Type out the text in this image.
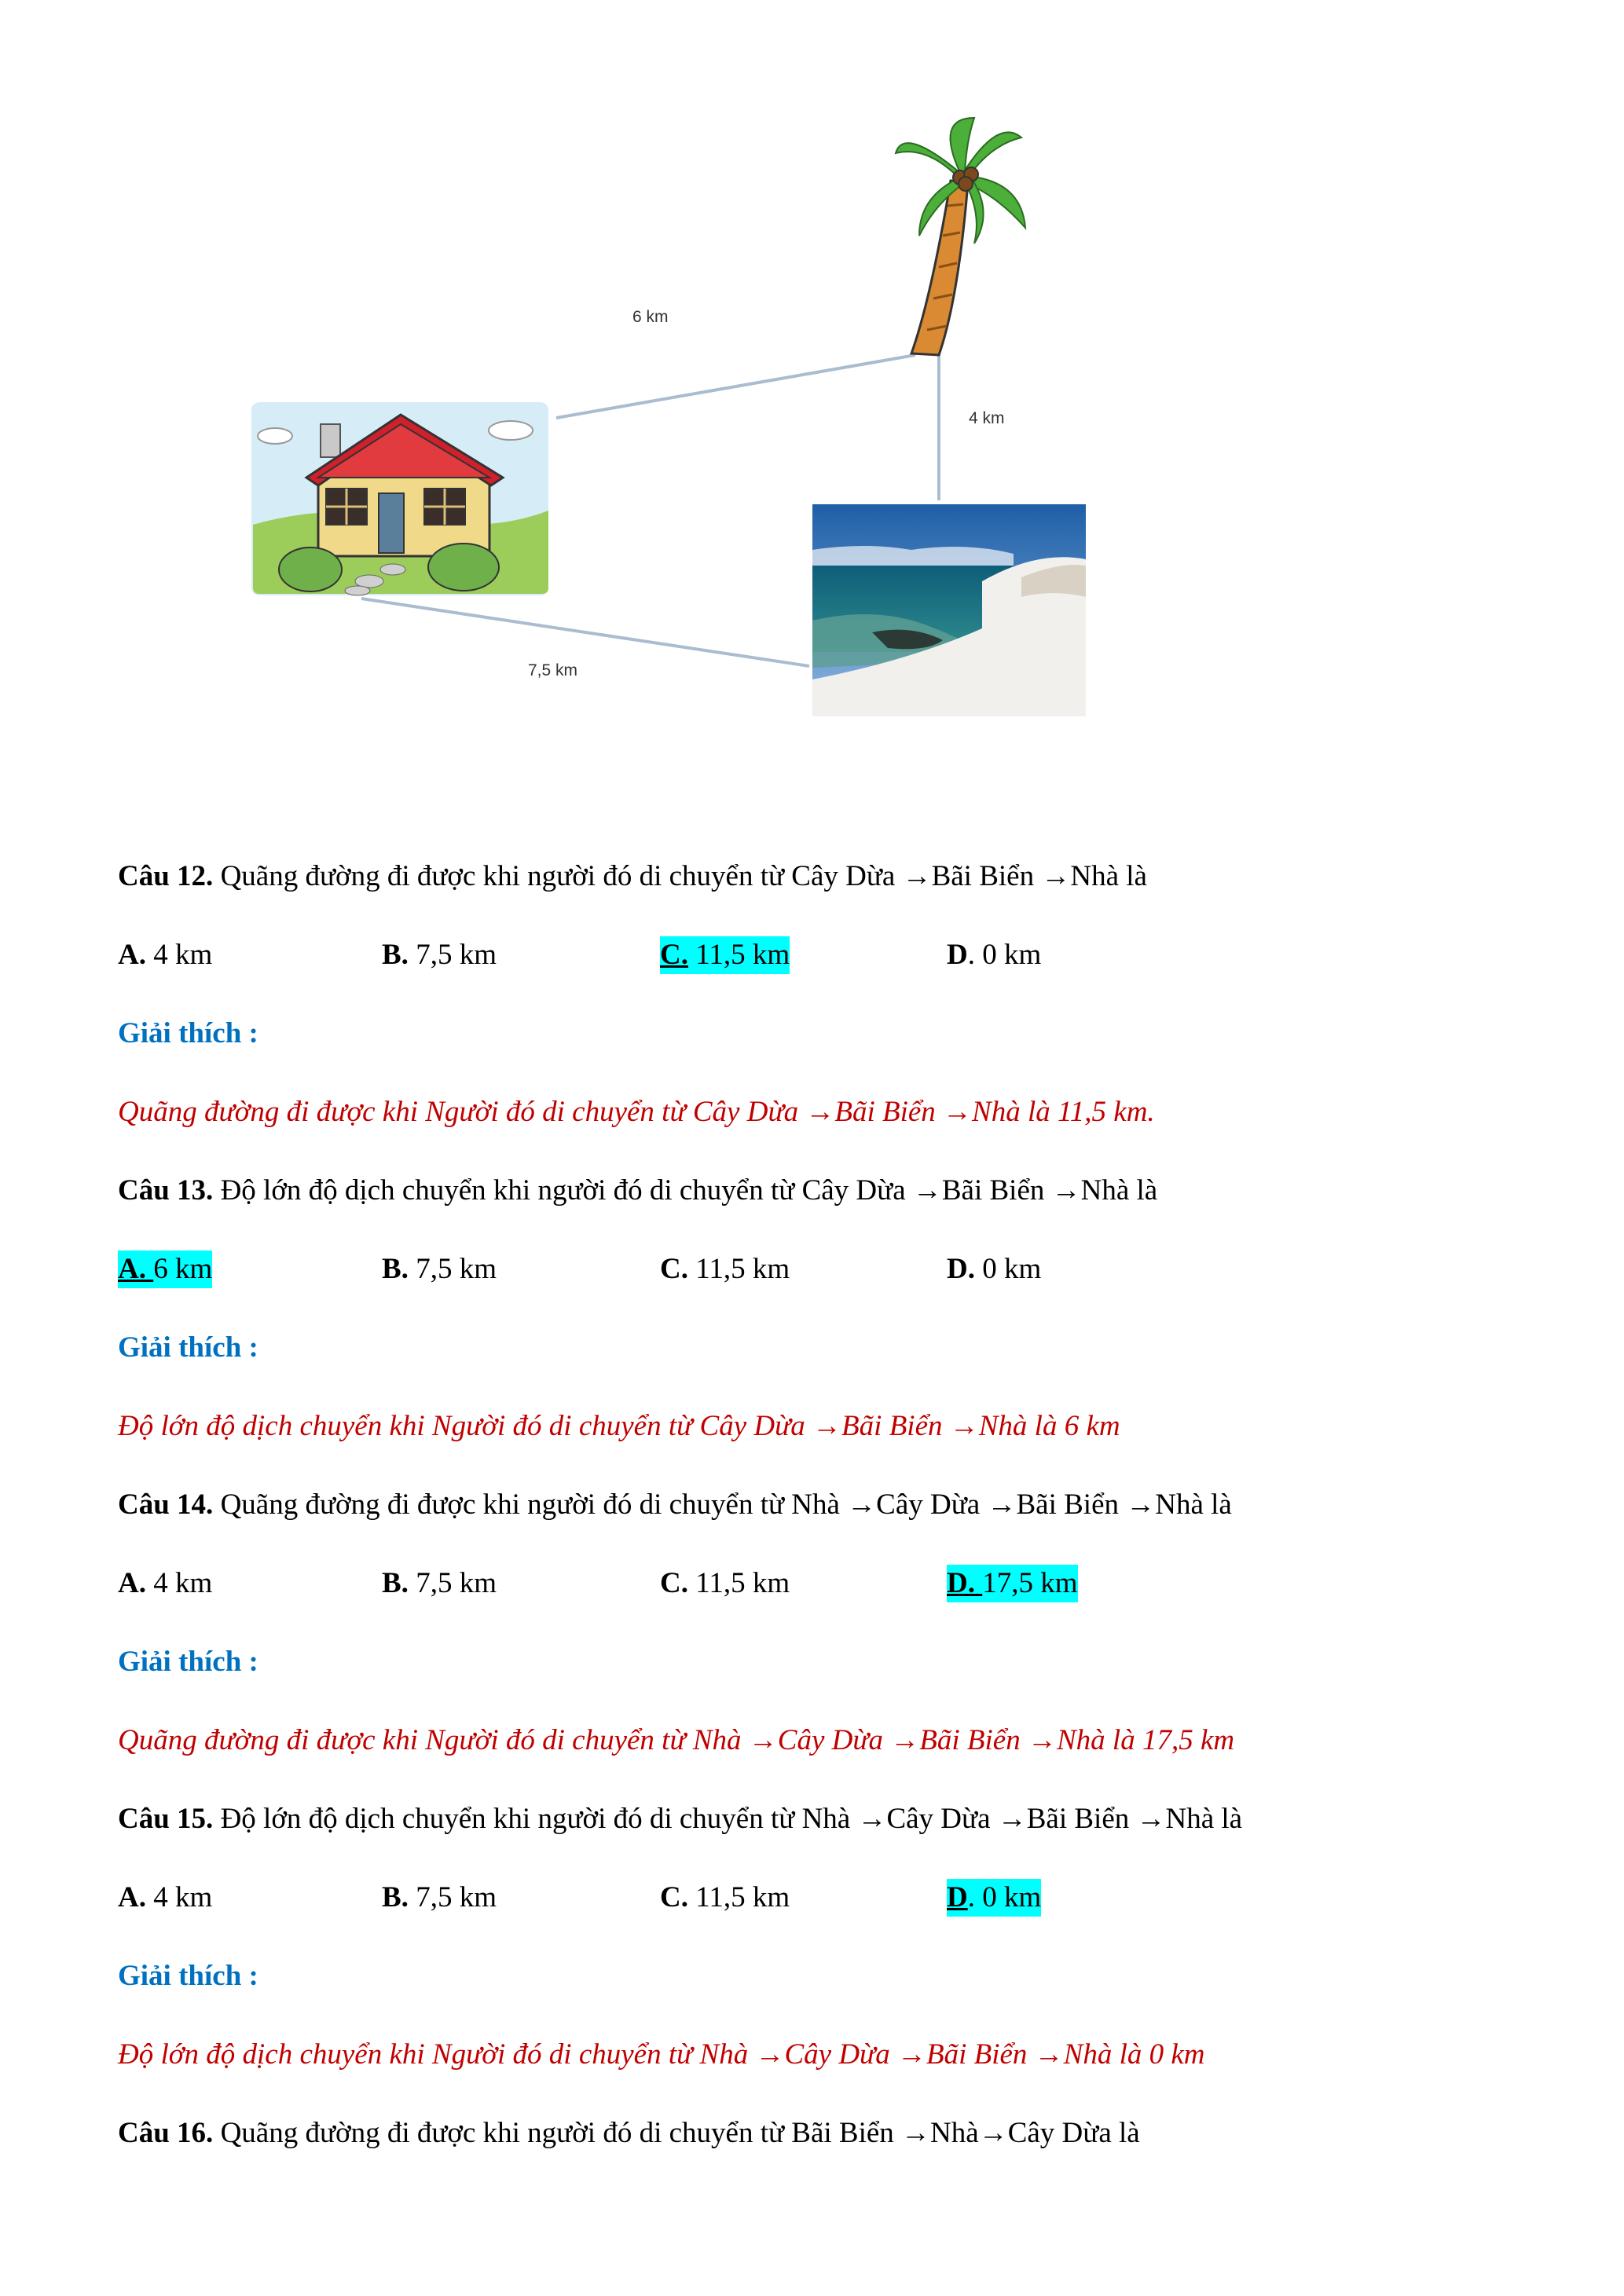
6 km
4 km
7,5 km
Câu 12. Quãng đường đi được khi người đó di chuyển từ Cây Dừa →Bãi Biển →Nhà là
A. 4 km	B. 7,5 km	C. 11,5 km	D. 0 km
Giải thích :
Quãng đường đi được khi Người đó di chuyển từ Cây Dừa →Bãi Biển →Nhà là 11,5 km.
Câu 13. Độ lớn độ dịch chuyển khi người đó di chuyển từ Cây Dừa →Bãi Biển →Nhà là
A. 6 km	B. 7,5 km	C. 11,5 km	D. 0 km
Giải thích :
Độ lớn độ dịch chuyển khi Người đó di chuyển từ Cây Dừa →Bãi Biển →Nhà là 6 km
Câu 14. Quãng đường đi được khi người đó di chuyển từ Nhà →Cây Dừa →Bãi Biển →Nhà là
A. 4 km	B. 7,5 km	C. 11,5 km	D. 17,5 km
Giải thích :
Quãng đường đi được khi Người đó di chuyển từ Nhà →Cây Dừa →Bãi Biển →Nhà là 17,5 km
Câu 15. Độ lớn độ dịch chuyển khi người đó di chuyển từ Nhà →Cây Dừa →Bãi Biển →Nhà là
A. 4 km	B. 7,5 km	C. 11,5 km	D. 0 km
Giải thích :
Độ lớn độ dịch chuyển khi Người đó di chuyển từ Nhà →Cây Dừa →Bãi Biển →Nhà là 0 km
Câu 16. Quãng đường đi được khi người đó di chuyển từ Bãi Biển →Nhà→Cây Dừa là
